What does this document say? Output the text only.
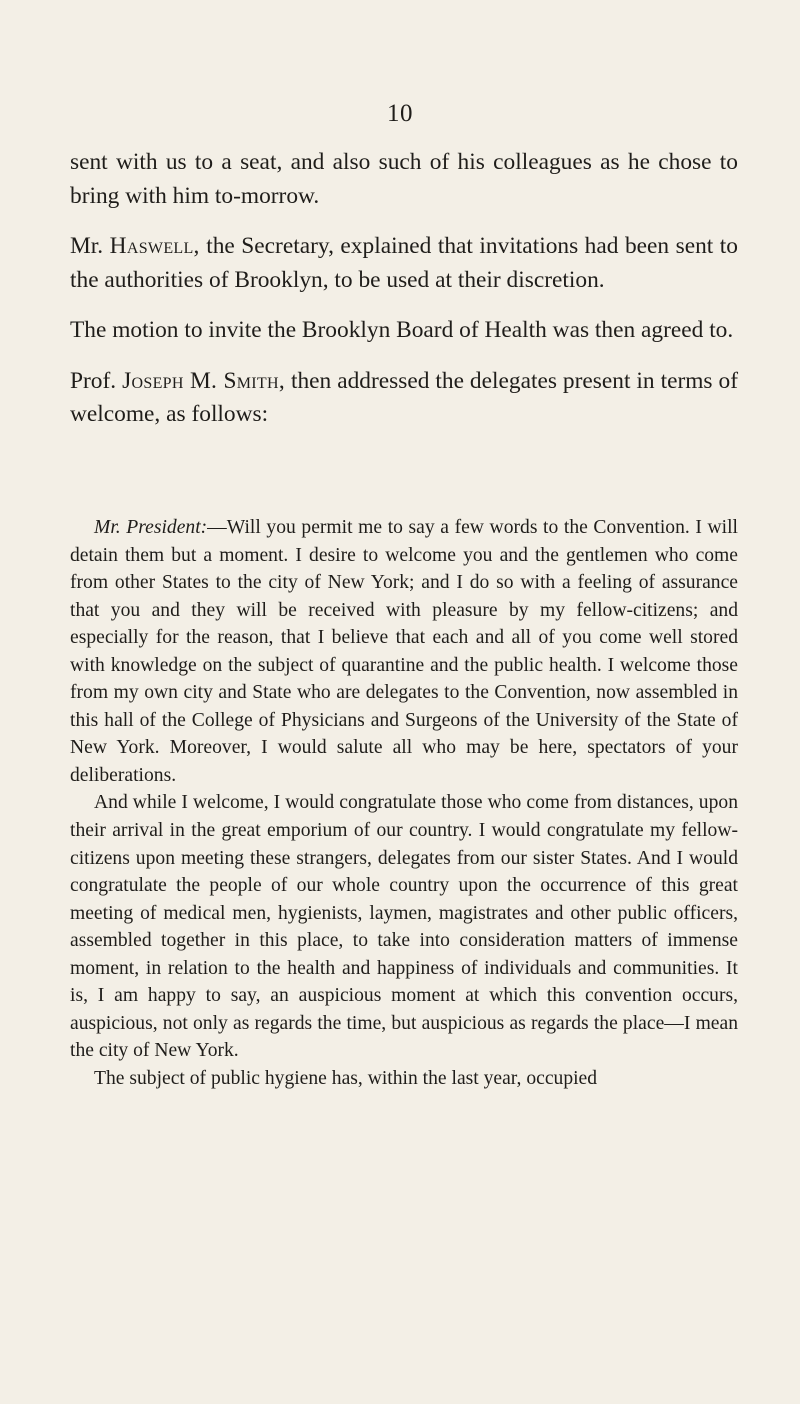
10

sent with us to a seat, and also such of his colleagues as he chose to bring with him to-morrow.

Mr. Haswell, the Secretary, explained that invitations had been sent to the authorities of Brooklyn, to be used at their discretion.

The motion to invite the Brooklyn Board of Health was then agreed to.

Prof. Joseph M. Smith, then addressed the delegates present in terms of welcome, as follows:

Mr. President:—Will you permit me to say a few words to the Convention. I will detain them but a moment. I desire to welcome you and the gentlemen who come from other States to the city of New York; and I do so with a feeling of assurance that you and they will be received with pleasure by my fellow-citizens; and especially for the reason, that I believe that each and all of you come well stored with knowledge on the subject of quarantine and the public health. I welcome those from my own city and State who are delegates to the Convention, now assembled in this hall of the College of Physicians and Surgeons of the University of the State of New York. Moreover, I would salute all who may be here, spectators of your deliberations.

And while I welcome, I would congratulate those who come from distances, upon their arrival in the great emporium of our country. I would congratulate my fellow-citizens upon meeting these strangers, delegates from our sister States. And I would congratulate the people of our whole country upon the occurrence of this great meeting of medical men, hygienists, laymen, magistrates and other public officers, assembled together in this place, to take into consideration matters of immense moment, in relation to the health and happiness of individuals and communities. It is, I am happy to say, an auspicious moment at which this convention occurs, auspicious, not only as regards the time, but auspicious as regards the place—I mean the city of New York.

The subject of public hygiene has, within the last year, occupied
